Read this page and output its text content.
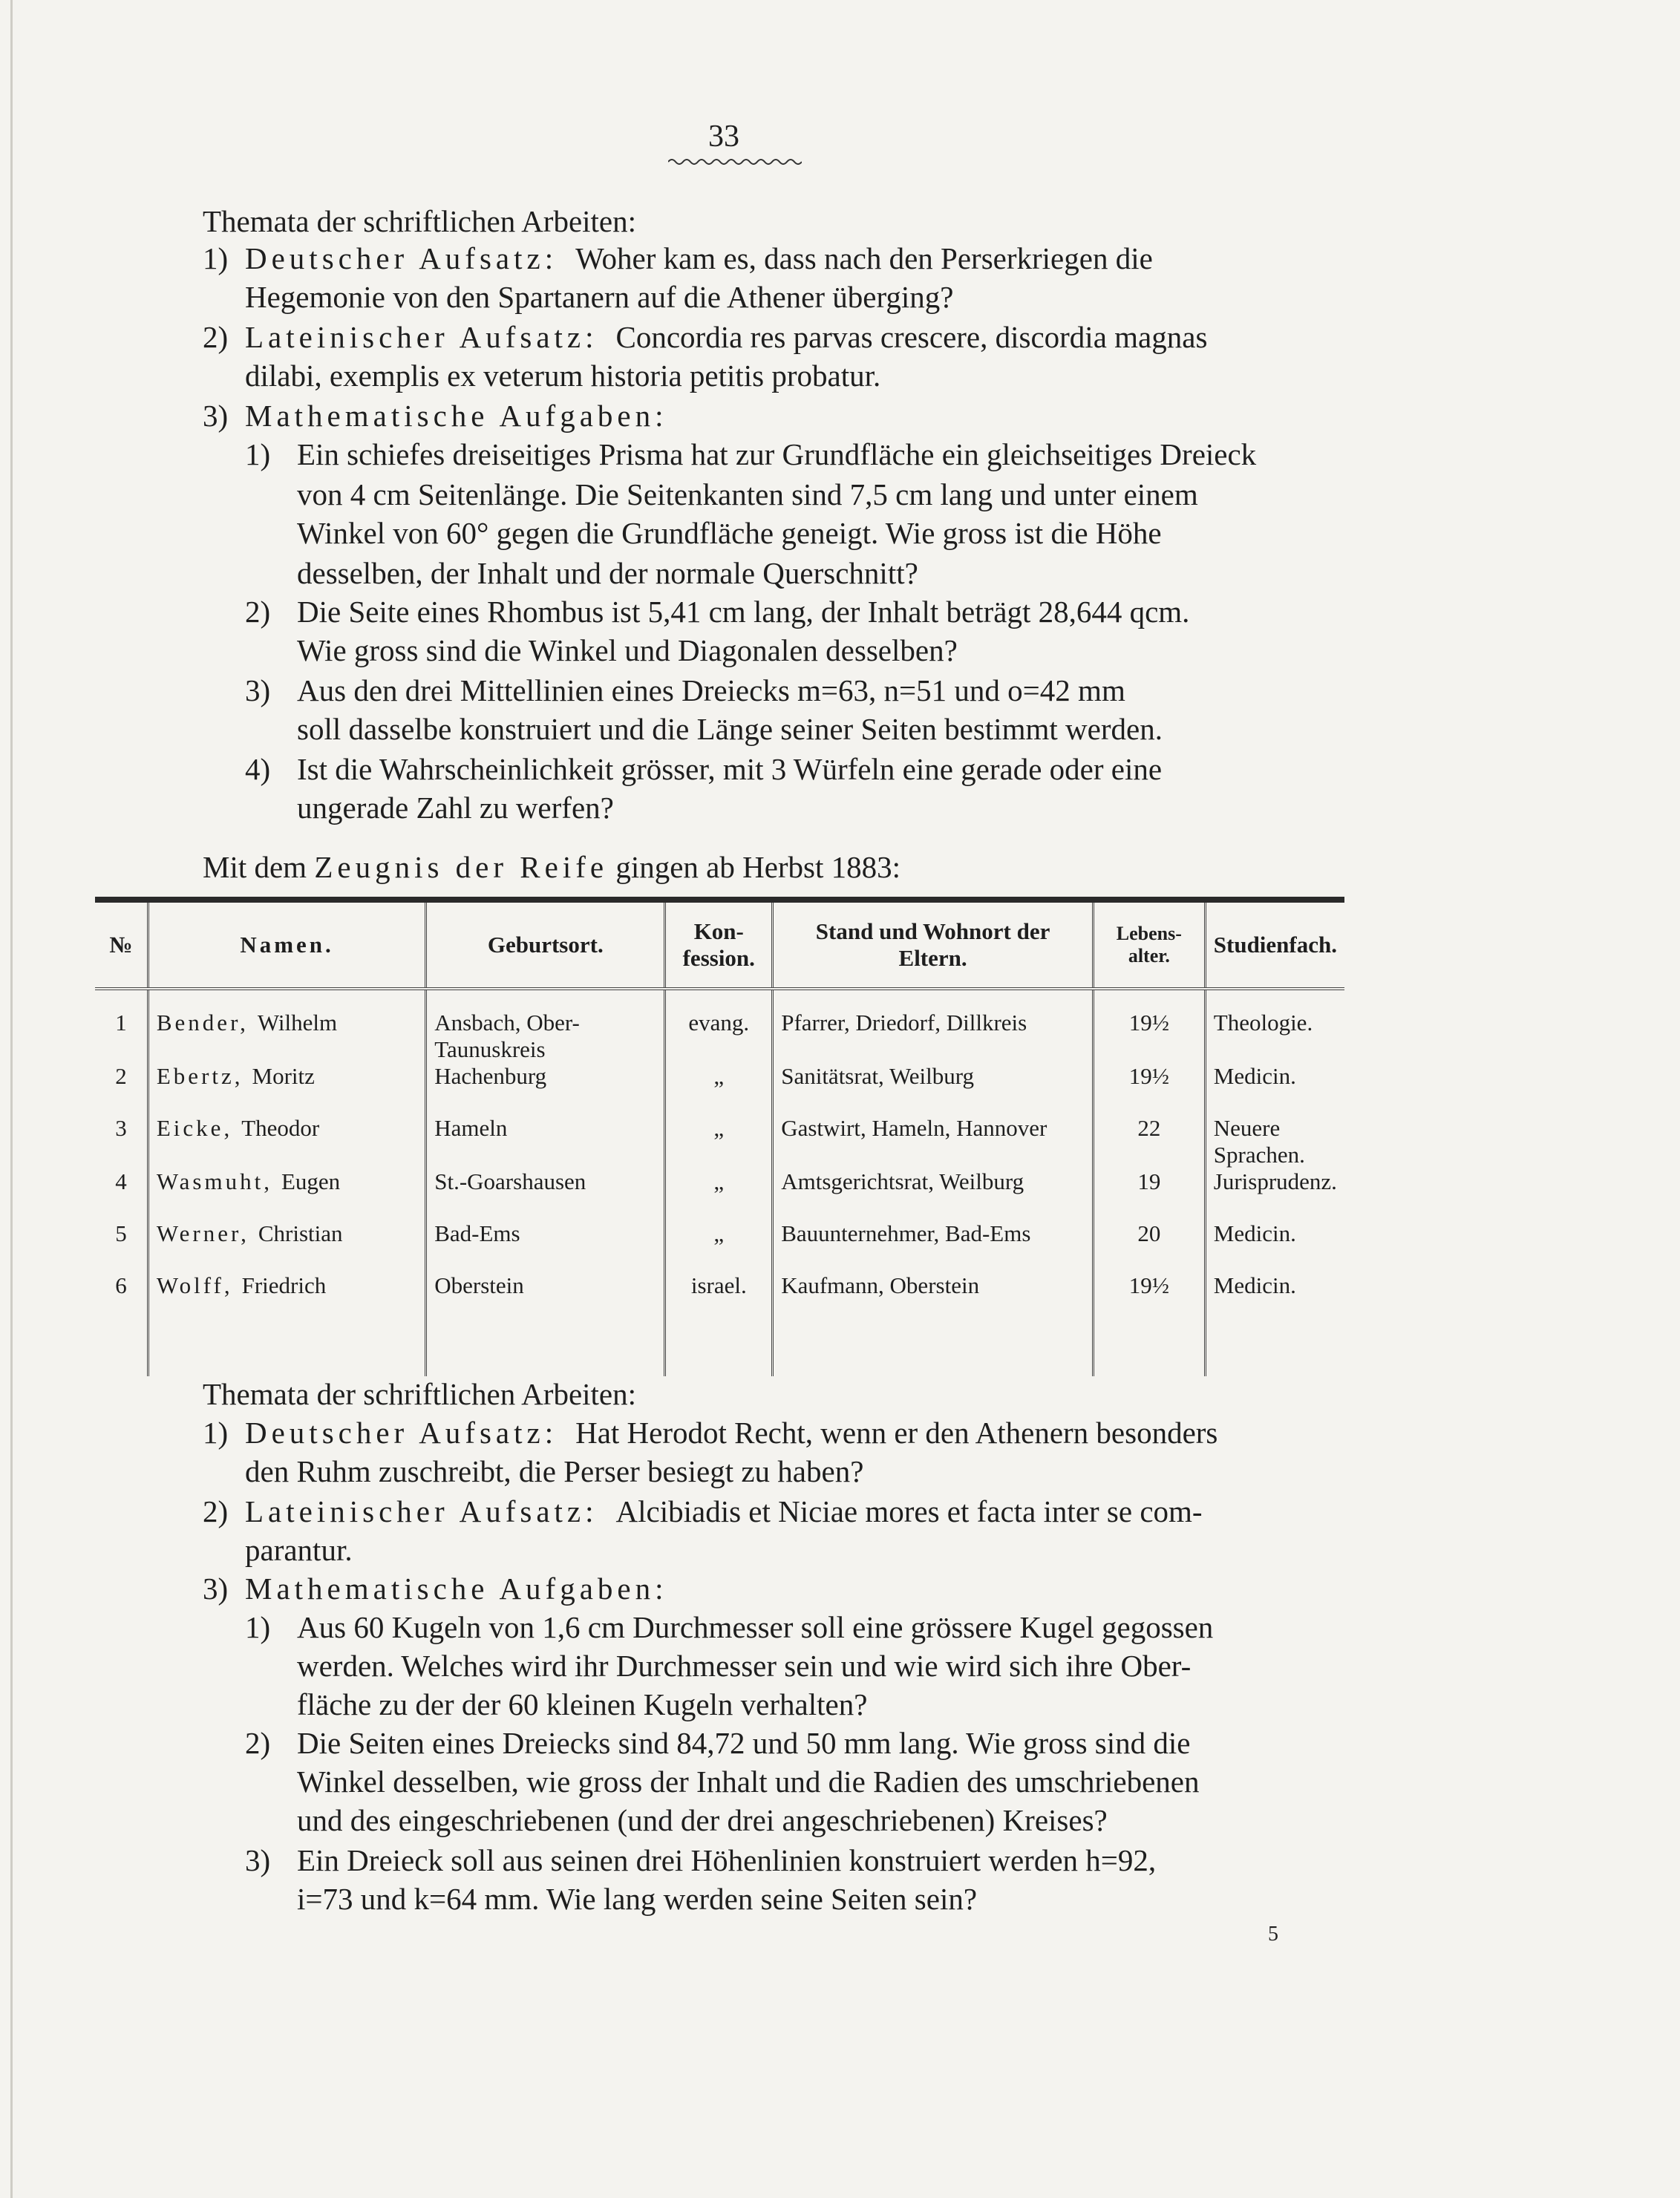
33
Themata der schriftlichen Arbeiten:
1) Deutscher Aufsatz: Woher kam es, dass nach den Perserkriegen die
Hegemonie von den Spartanern auf die Athener überging?
2) Lateinischer Aufsatz: Concordia res parvas crescere, discordia magnas
dilabi, exemplis ex veterum historia petitis probatur.
3) Mathematische Aufgaben:
1) Ein schiefes dreiseitiges Prisma hat zur Grundfläche ein gleichseitiges Dreieck
von 4 cm Seitenlänge. Die Seitenkanten sind 7,5 cm lang und unter einem
Winkel von 60° gegen die Grundfläche geneigt. Wie gross ist die Höhe
desselben, der Inhalt und der normale Querschnitt?
2) Die Seite eines Rhombus ist 5,41 cm lang, der Inhalt beträgt 28,644 qcm.
Wie gross sind die Winkel und Diagonalen desselben?
3) Aus den drei Mittellinien eines Dreiecks m=63, n=51 und o=42 mm
soll dasselbe konstruiert und die Länge seiner Seiten bestimmt werden.
4) Ist die Wahrscheinlichkeit grösser, mit 3 Würfeln eine gerade oder eine
ungerade Zahl zu werfen?
Mit dem Zeugnis der Reife gingen ab Herbst 1883:
№	Namen.	Geburtsort.	Kon-fession.	Stand und Wohnort der Eltern.	Lebens-alter.	Studienfach.
1	Bender, Wilhelm	Ansbach, Ober-Taunuskreis	evang.	Pfarrer, Driedorf, Dillkreis	19½	Theologie.
2	Ebertz, Moritz	Hachenburg	„	Sanitätsrat, Weilburg	19½	Medicin.
3	Eicke, Theodor	Hameln	„	Gastwirt, Hameln, Hannover	22	Neuere Sprachen.
4	Wasmuht, Eugen	St.-Goarshausen	„	Amtsgerichtsrat, Weilburg	19	Jurisprudenz.
5	Werner, Christian	Bad-Ems	„	Bauunternehmer, Bad-Ems	20	Medicin.
6	Wolff, Friedrich	Oberstein	israel.	Kaufmann, Oberstein	19½	Medicin.

Themata der schriftlichen Arbeiten:
1) Deutscher Aufsatz: Hat Herodot Recht, wenn er den Athenern besonders
den Ruhm zuschreibt, die Perser besiegt zu haben?
2) Lateinischer Aufsatz: Alcibiadis et Niciae mores et facta inter se com-
parantur.
3) Mathematische Aufgaben:
1) Aus 60 Kugeln von 1,6 cm Durchmesser soll eine grössere Kugel gegossen
werden. Welches wird ihr Durchmesser sein und wie wird sich ihre Ober-
fläche zu der der 60 kleinen Kugeln verhalten?
2) Die Seiten eines Dreiecks sind 84,72 und 50 mm lang. Wie gross sind die
Winkel desselben, wie gross der Inhalt und die Radien des umschriebenen
und des eingeschriebenen (und der drei angeschriebenen) Kreises?
3) Ein Dreieck soll aus seinen drei Höhenlinien konstruiert werden h=92,
i=73 und k=64 mm. Wie lang werden seine Seiten sein?
5
